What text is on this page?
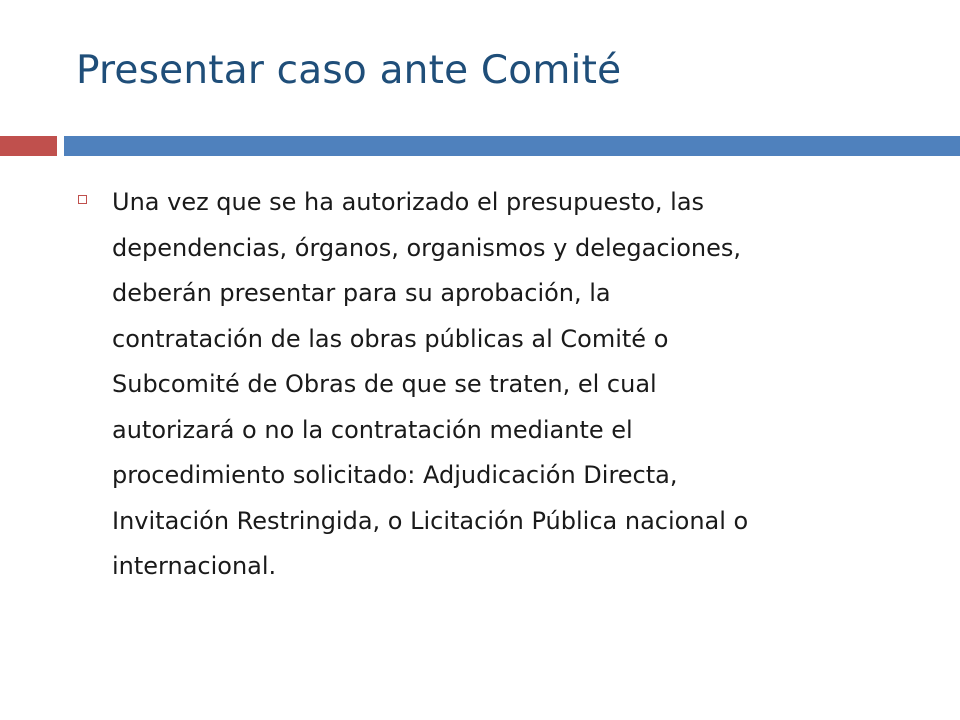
Presentar caso ante Comité

Una vez que se ha autorizado el presupuesto, las
dependencias, órganos, organismos y delegaciones,
deberán presentar para su aprobación, la
contratación de las obras públicas al Comité o
Subcomité de Obras de que se traten, el cual
autorizará o no la contratación mediante el
procedimiento solicitado: Adjudicación Directa,
Invitación Restringida, o Licitación Pública nacional o
internacional.
